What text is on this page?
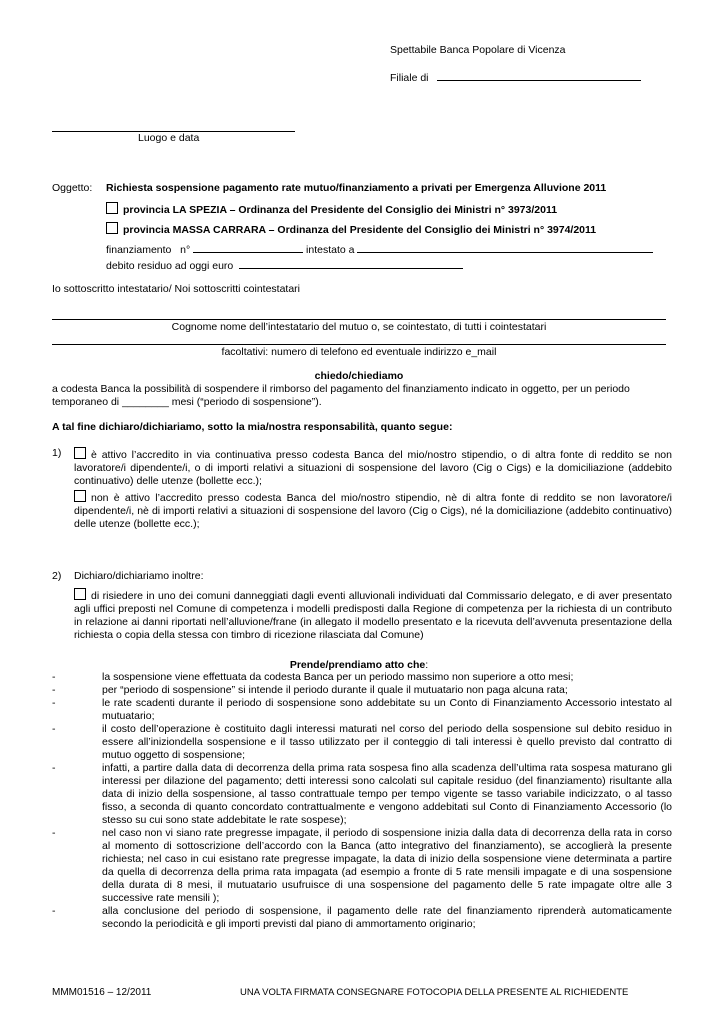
Spettabile Banca Popolare di Vicenza
Filiale di
Luogo e data
Oggetto: Richiesta sospensione pagamento rate mutuo/finanziamento a privati per Emergenza Alluvione 2011
provincia LA SPEZIA – Ordinanza del Presidente del Consiglio dei Ministri n° 3973/2011
provincia MASSA CARRARA – Ordinanza del Presidente del Consiglio dei Ministri n° 3974/2011
finanziamento   n°	intestato a
debito residuo ad oggi euro
Io sottoscritto intestatario/ Noi sottoscritti cointestatari
Cognome nome dell’intestatario del mutuo o, se cointestato, di tutti i cointestatari
facoltativi: numero di telefono ed eventuale indirizzo e_mail
chiedo/chiediamo
a codesta Banca la possibilità di sospendere il rimborso del pagamento del finanziamento indicato in oggetto, per un periodo temporaneo di ________ mesi (“periodo di sospensione”).
A tal fine dichiaro/dichiariamo, sotto la mia/nostra responsabilità, quanto segue:
1)	è attivo l’accredito in via continuativa presso codesta Banca del mio/nostro stipendio, o di altra fonte di reddito se non lavoratore/i dipendente/i, o di importi relativi a situazioni di sospensione del lavoro (Cig o Cigs) e la domiciliazione (addebito continuativo) delle utenze (bollette ecc.);
non è attivo l’accredito presso codesta Banca del mio/nostro stipendio, nè di altra fonte di reddito se non lavoratore/i dipendente/i, nè di importi relativi a situazioni di sospensione del lavoro (Cig o Cigs), né la domiciliazione (addebito continuativo) delle utenze (bollette ecc.);
2) Dichiaro/dichiariamo inoltre:
di risiedere in uno dei comuni danneggiati dagli eventi alluvionali individuati dal Commissario delegato, e di aver presentato agli uffici preposti nel Comune di competenza i modelli predisposti dalla Regione di competenza per la richiesta di un contributo in relazione ai danni riportati nell’alluvione/frane (in allegato il modello presentato e la ricevuta dell’avvenuta presentazione della richiesta o copia della stessa con timbro di ricezione rilasciata dal Comune)
Prende/prendiamo atto che:
- la sospensione viene effettuata da codesta Banca per un periodo massimo non superiore a otto mesi;
- per “periodo di sospensione” si intende il periodo durante il quale il mutuatario non paga alcuna rata;
- le rate scadenti durante il periodo di sospensione sono addebitate su un Conto di Finanziamento Accessorio intestato al mutuatario;
- il costo dell’operazione è costituito dagli interessi maturati nel corso del periodo della sospensione sul debito residuo in essere all’iniziondella sospensione e il tasso utilizzato per il conteggio di tali interessi è quello previsto dal contratto di mutuo oggetto di sospensione;
- infatti, a partire dalla data di decorrenza della prima rata sospesa fino alla scadenza dell’ultima rata sospesa maturano gli interessi per dilazione del pagamento; detti interessi sono calcolati sul capitale residuo (del finanziamento) risultante alla data di inizio della sospensione, al tasso contrattuale tempo per tempo vigente se tasso variabile indicizzato, o al tasso fisso, a seconda di quanto concordato contrattualmente e vengono addebitati sul Conto di Finanziamento Accessorio (lo stesso su cui sono state addebitate le rate sospese);
- nel caso non vi siano rate pregresse impagate, il periodo di sospensione inizia dalla data di decorrenza della rata in corso al momento di sottoscrizione dell’accordo con la Banca (atto integrativo del finanziamento), se accoglierà la presente richiesta; nel caso in cui esistano rate pregresse impagate, la data di inizio della sospensione viene determinata a partire da quella di decorrenza della prima rata impagata (ad esempio a fronte di 5 rate mensili impagate e di una sospensione della durata di 8 mesi, il mutuatario usufruisce di una sospensione del pagamento delle 5 rate impagate oltre alle 3 successive rate mensili );
- alla conclusione del periodo di sospensione, il pagamento delle rate del finanziamento riprenderà automaticamente secondo la periodicità e gli importi previsti dal piano di ammortamento originario;
MMM01516 – 12/2011	UNA VOLTA FIRMATA CONSEGNARE FOTOCOPIA DELLA PRESENTE AL RICHIEDENTE
